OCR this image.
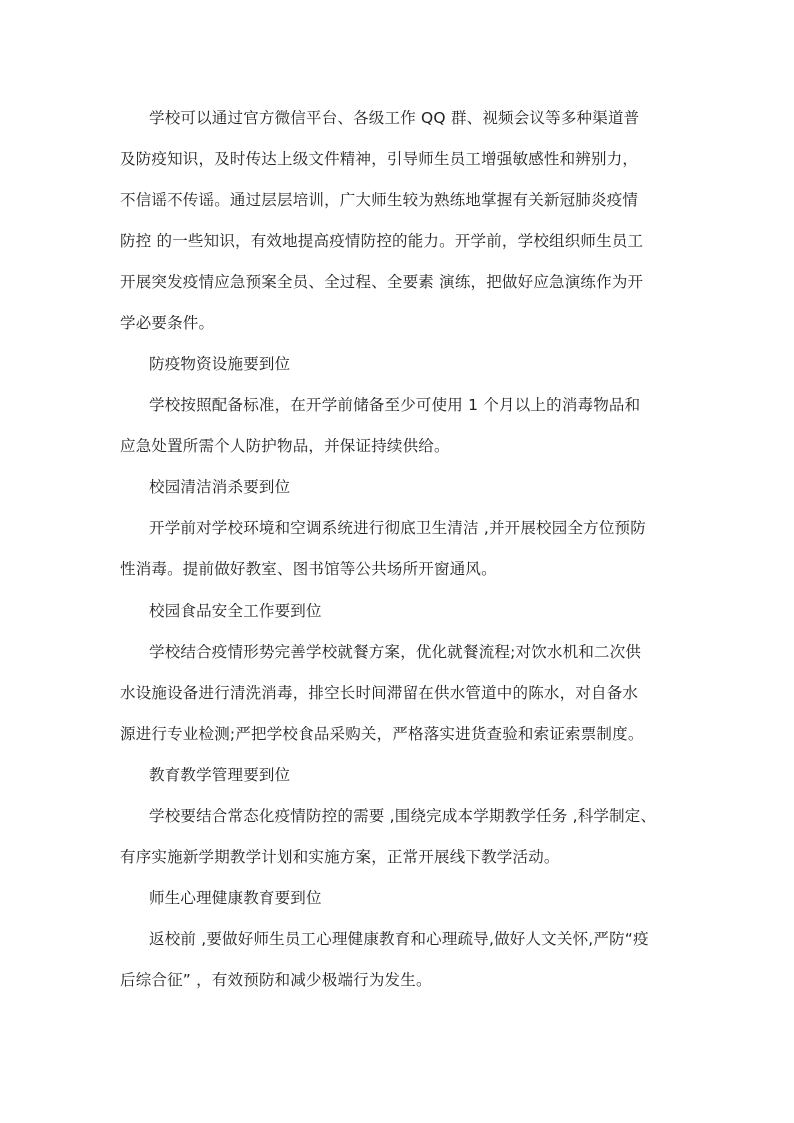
学校可以通过官方微信平台、各级工作 QQ 群、视频会议等多种渠道普
及防疫知识，及时传达上级文件精神，引导师生员工增强敏感性和辨别力，
不信谣不传谣。通过层层培训，广大师生较为熟练地掌握有关新冠肺炎疫情
防控 的一些知识，有效地提高疫情防控的能力。开学前，学校组织师生员工
开展突发疫情应急预案全员、全过程、全要素 演练，把做好应急演练作为开
学必要条件。
防疫物资设施要到位
学校按照配备标准，在开学前储备至少可使用 1 个月以上的消毒物品和
应急处置所需个人防护物品，并保证持续供给。
校园清洁消杀要到位
开学前对学校环境和空调系统进行彻底卫生清洁 ,并开展校园全方位预防
性消毒。提前做好教室、图书馆等公共场所开窗通风。
校园食品安全工作要到位
学校结合疫情形势完善学校就餐方案，优化就餐流程;对饮水机和二次供
水设施设备进行清洗消毒，排空长时间滞留在供水管道中的陈水，对自备水
源进行专业检测;严把学校食品采购关，严格落实进货查验和索证索票制度。
教育教学管理要到位
学校要结合常态化疫情防控的需要 ,围绕完成本学期教学任务 ,科学制定、
有序实施新学期教学计划和实施方案，正常开展线下教学活动。
师生心理健康教育要到位
返校前 ,要做好师生员工心理健康教育和心理疏导,做好人文关怀,严防“疫
后综合征” ，有效预防和减少极端行为发生。
